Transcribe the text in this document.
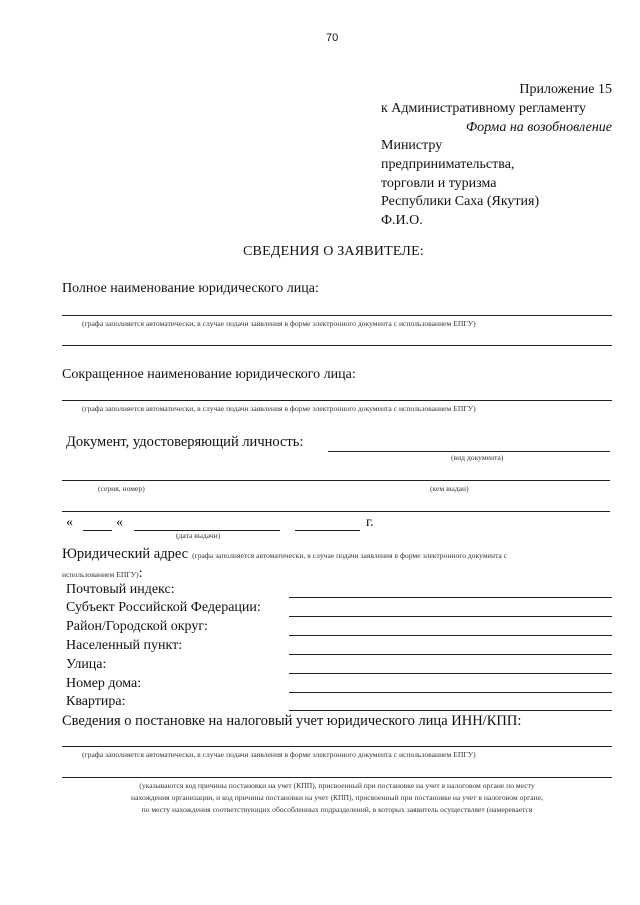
70
Приложение 15
к Административному регламенту
Форма на возобновление
Министру
предпринимательства,
торговли и туризма
Республики Саха (Якутия)
Ф.И.О.
СВЕДЕНИЯ О ЗАЯВИТЕЛЕ:
Полное наименование юридического лица:
(графа заполняется автоматически, в случае подачи заявления в форме электронного документа с использованием ЕПГУ)
Сокращенное наименование юридического лица:
(графа заполняется автоматически, в случае подачи заявления в форме электронного документа с использованием ЕПГУ)
Документ, удостоверяющий личность:
(вид документа)
(серия, номер)	(кем выдан)
«	«	г.
(дата выдачи)
Юридический адрес (графа заполняется автоматически, в случае подачи заявления в форме электронного документа с
использованием ЕПГУ):
Почтовый индекс:
Субъект Российской Федерации:
Район/Городской округ:
Населенный пункт:
Улица:
Номер дома:
Квартира:
Сведения о постановке на налоговый учет юридического лица ИНН/КПП:
(графа заполняется автоматически, в случае подачи заявления в форме электронного документа с использованием ЕПГУ)
(указываются код причины постановки на учет (КПП), присвоенный при постановке на учет в налоговом органе по месту
нахождения организации, и код причины постановки на учет (КПП), присвоенный при постановке на учет в налоговом органе,
по месту нахождения соответствующих обособленных подразделений, в которых заявитель осуществляет (намеревается
